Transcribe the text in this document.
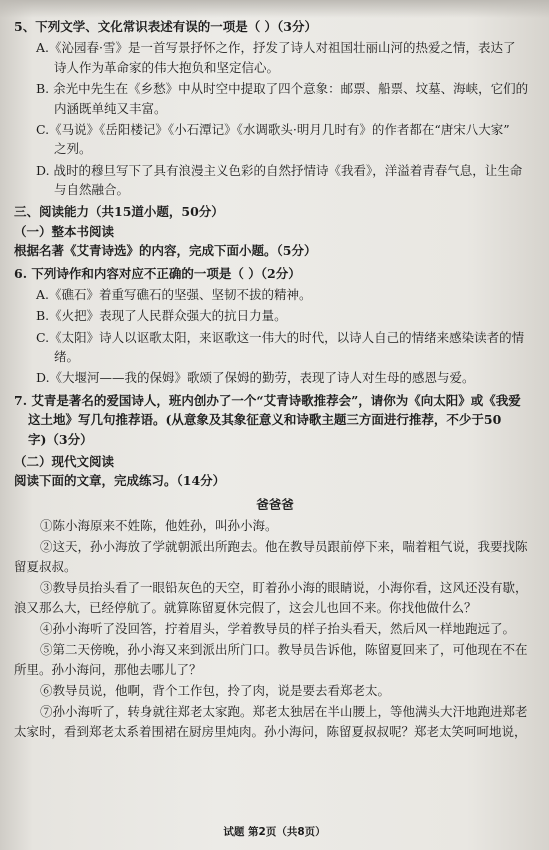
5、下列文学、文化常识表述有误的一项是（ ）（3分）
A.《沁园春·雪》是一首写景抒怀之作，抒发了诗人对祖国壮丽山河的热爱之情，表达了
诗人作为革命家的伟大抱负和坚定信心。
B. 余光中先生在《乡愁》中从时空中提取了四个意象：邮票、船票、坟墓、海峡，它们的
内涵既单纯又丰富。
C.《马说》《岳阳楼记》《小石潭记》《水调歌头·明月几时有》的作者都在“唐宋八大家”
之列。
D. 战时的穆旦写下了具有浪漫主义色彩的自然抒情诗《我看》，洋溢着青春气息，让生命
与自然融合。
三、阅读能力（共15道小题，50分）
（一）整本书阅读
根据名著《艾青诗选》的内容，完成下面小题。（5分）
6. 下列诗作和内容对应不正确的一项是（ ）（2分）
A.《礁石》着重写礁石的坚强、坚韧不拔的精神。
B.《火把》表现了人民群众强大的抗日力量。
C.《太阳》诗人以讴歌太阳，来讴歌这一伟大的时代，以诗人自己的情绪来感染读者的情
绪。
D.《大堰河——我的保姆》歌颂了保姆的勤劳，表现了诗人对生母的感恩与爱。
7. 艾青是著名的爱国诗人，班内创办了一个“艾青诗歌推荐会”，请你为《向太阳》或《我爱
这土地》写几句推荐语。(从意象及其象征意义和诗歌主题三方面进行推荐，不少于50
字)（3分）
（二）现代文阅读
阅读下面的文章，完成练习。（14分）
爸爸爸
①陈小海原来不姓陈，他姓孙，叫孙小海。
②这天，孙小海放了学就朝派出所跑去。他在教导员跟前停下来，喘着粗气说，我要找陈
留夏叔叔。
③教导员抬头看了一眼铅灰色的天空，盯着孙小海的眼睛说，小海你看，这风还没有歇，
浪又那么大，已经停航了。就算陈留夏休完假了，这会儿也回不来。你找他做什么？
④孙小海听了没回答，拧着眉头，学着教导员的样子抬头看天，然后风一样地跑远了。
⑤第二天傍晚，孙小海又来到派出所门口。教导员告诉他，陈留夏回来了，可他现在不在
所里。孙小海问，那他去哪儿了？
⑥教导员说，他啊，背个工作包，拎了肉，说是要去看郑老太。
⑦孙小海听了，转身就往郑老太家跑。郑老太独居在半山腰上，等他满头大汗地跑进郑老
太家时，看到郑老太系着围裙在厨房里炖肉。孙小海问，陈留夏叔叔呢？郑老太笑呵呵地说，
试题 第2页（共8页）
